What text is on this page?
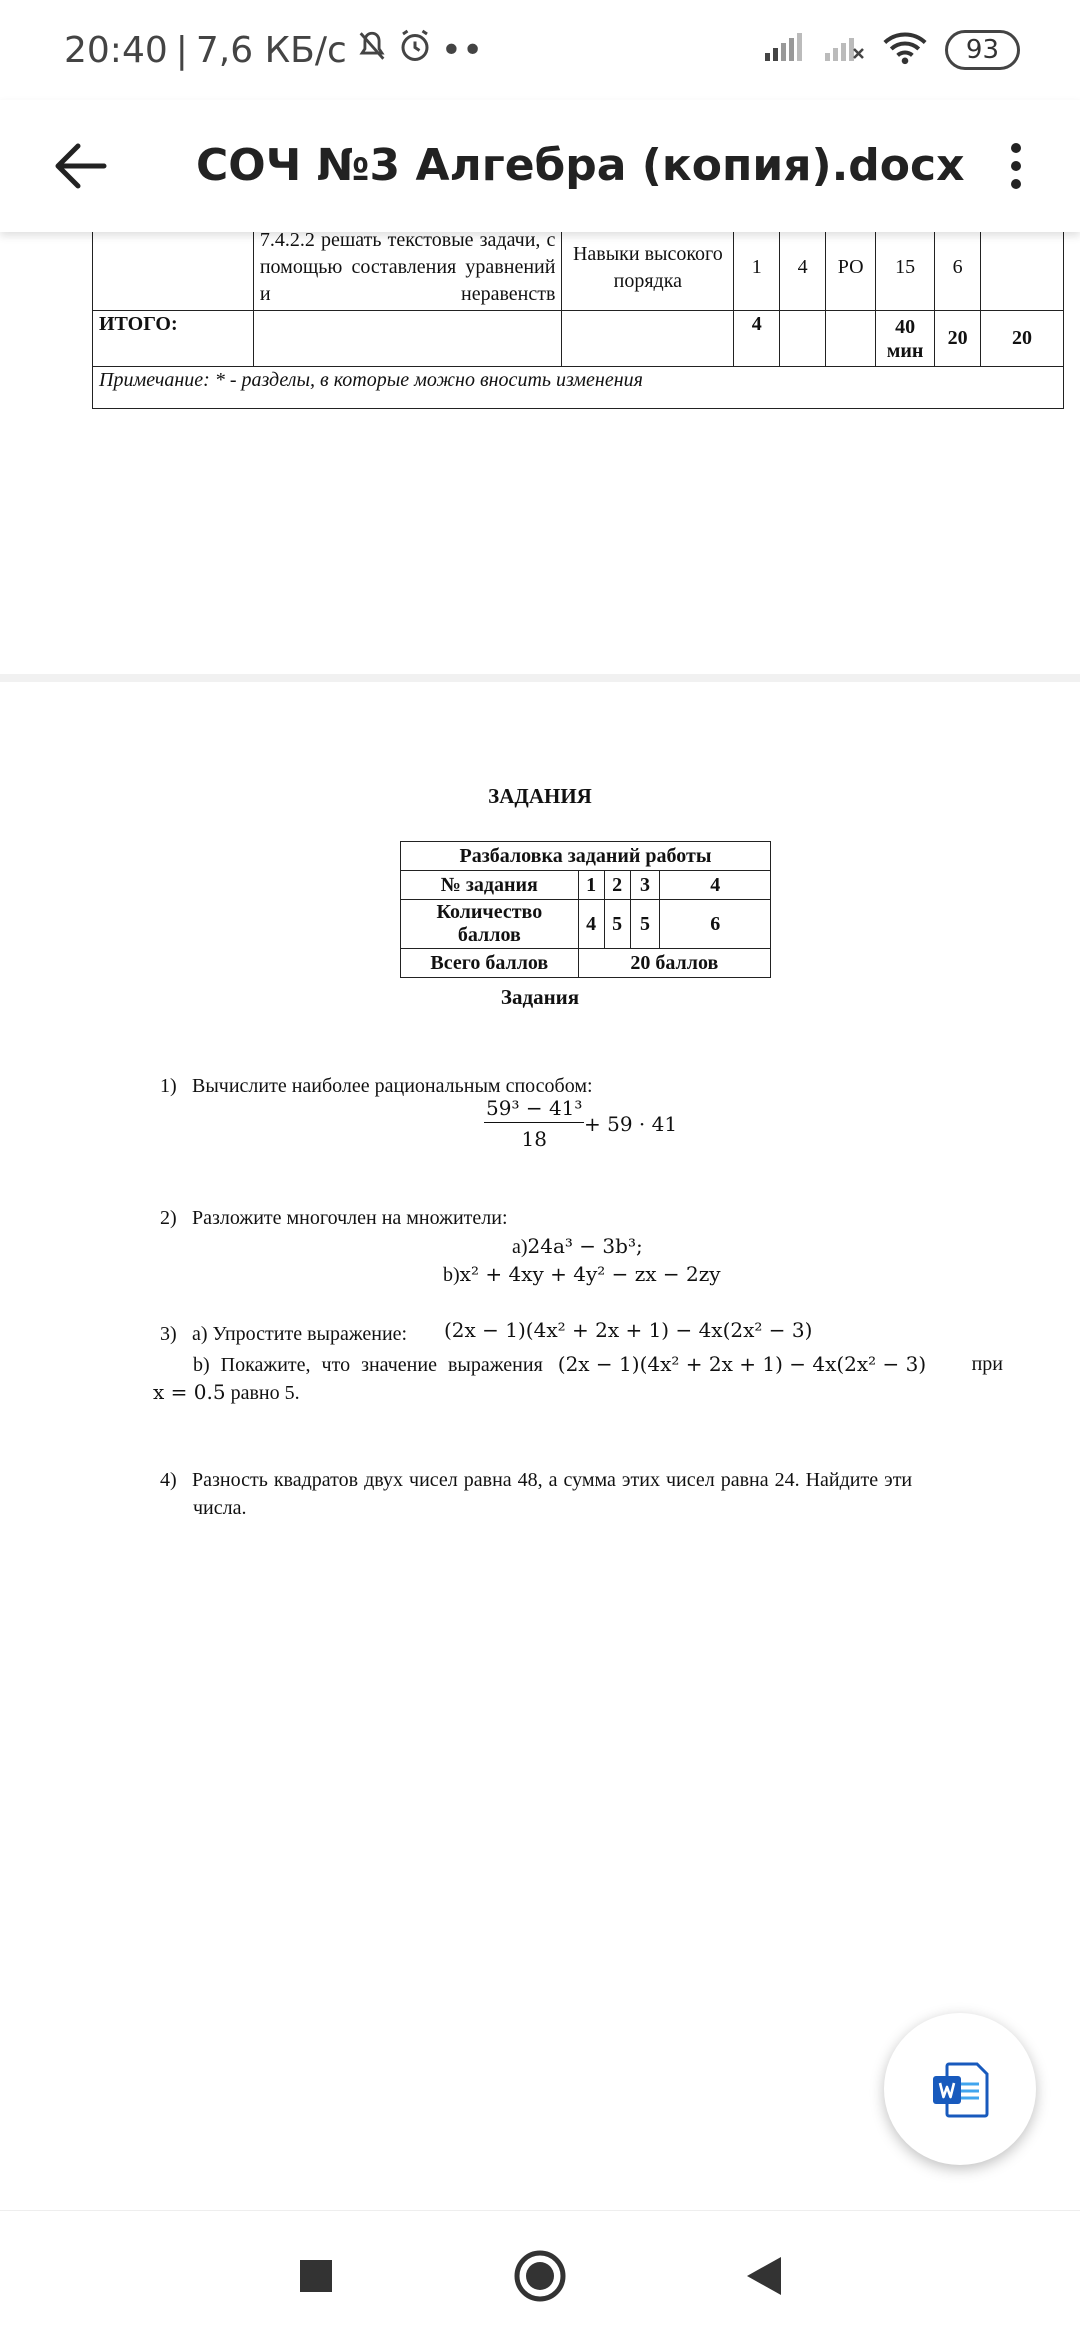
20:40 | 7,6 КБ/с	••	93
СОЧ №3 Алгебра (копия).docx
	7.4.2.2 решать текстовые задачи, с помощью составления уравнений и неравенств	Навыки высокого порядка	1	4	РО	15	6	
ИТОГО:			4			40 мин	20	20
Примечание: * - разделы, в которые можно вносить изменения								
ЗАДАНИЯ
Разбаловка заданий работы				
№ задания	1	2	3	4
Количество баллов	4	5	5	6
Всего баллов	20 баллов			
Задания
1) Вычислите наиболее рациональным способом:
$\frac{\text{59³ − 41³}}{18} + 59 \cdot 41$
2) Разложите многочлен на множители:
a)24a³ − 3b³;
b)x² + 4xy + 4y² − zx − 2zy
3) a) Упростите выражение: (2x − 1)(4x² + 2x + 1) − 4x(2x² − 3)
b) Покажите, что значение выражения (2x − 1)(4x² + 2x + 1) − 4x(2x² − 3) при
x = 0.5 равно 5.
4) Разность квадратов двух чисел равна 48, а сумма этих чисел равна 24. Найдите эти
числа.
